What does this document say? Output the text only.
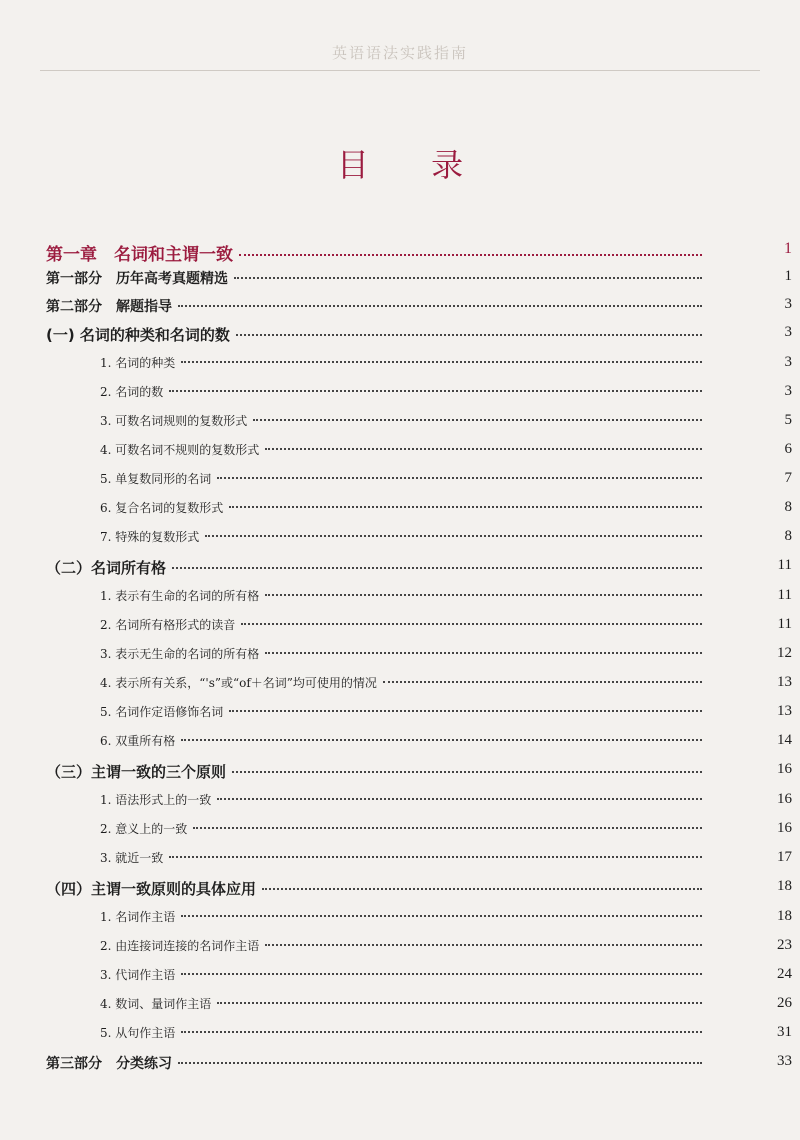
英语语法实践指南
目 录
第一章　名词和主谓一致	1
第一部分　历年高考真题精选	1
第二部分　解题指导	3
(一) 名词的种类和名词的数	3
1. 名词的种类	3
2. 名词的数	3
3. 可数名词规则的复数形式	5
4. 可数名词不规则的复数形式	6
5. 单复数同形的名词	7
6. 复合名词的复数形式	8
7. 特殊的复数形式	8
（二）名词所有格	11
1. 表示有生命的名词的所有格	11
2. 名词所有格形式的读音	11
3. 表示无生命的名词的所有格	12
4. 表示所有关系，“'s”或“of＋名词”均可使用的情况	13
5. 名词作定语修饰名词	13
6. 双重所有格	14
（三）主谓一致的三个原则	16
1. 语法形式上的一致	16
2. 意义上的一致	16
3. 就近一致	17
（四）主谓一致原则的具体应用	18
1. 名词作主语	18
2. 由连接词连接的名词作主语	23
3. 代词作主语	24
4. 数词、量词作主语	26
5. 从句作主语	31
第三部分　分类练习	33
